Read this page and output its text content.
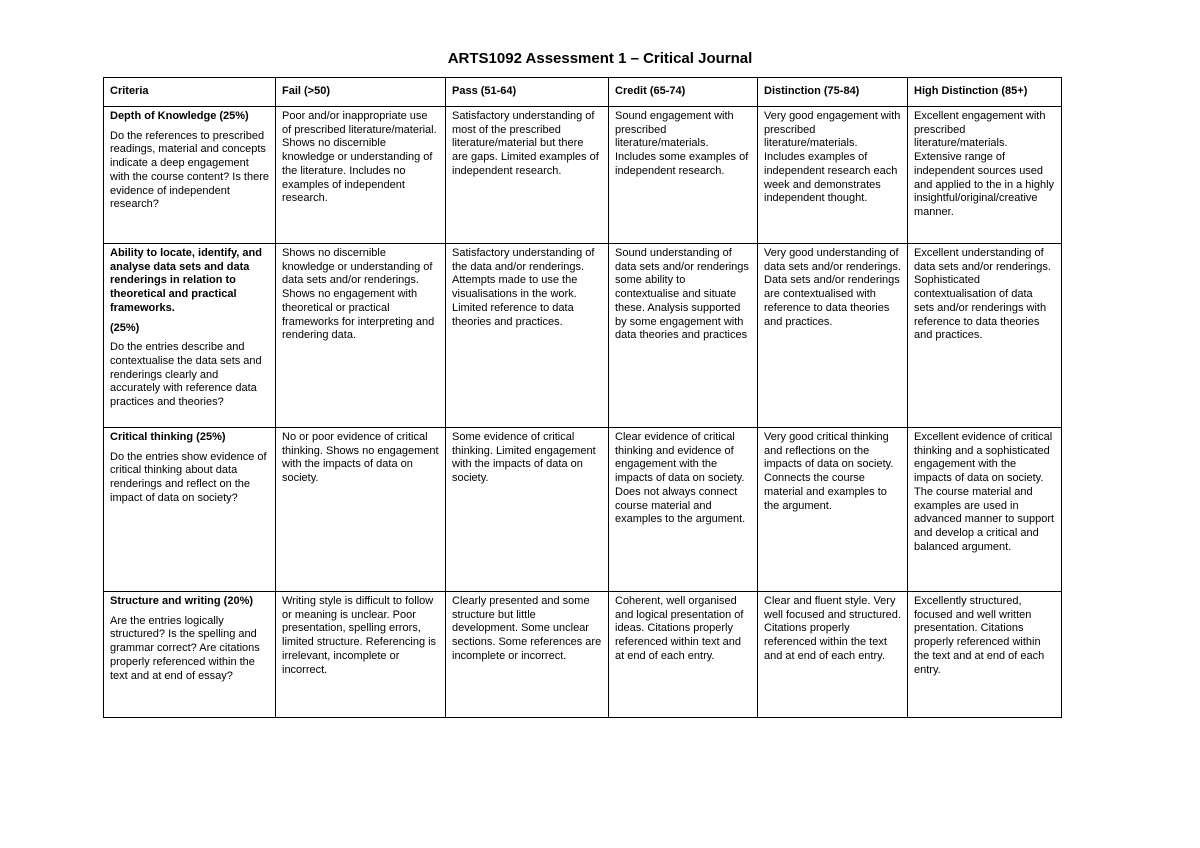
ARTS1092 Assessment 1 – Critical Journal
Criteria	Fail (>50)	Pass (51-64)	Credit (65-74)	Distinction (75-84)	High Distinction (85+)

Depth of Knowledge (25%)

Do the references to prescribed readings, material and concepts indicate a deep engagement with the course content? Is there evidence of independent research?	Poor and/or inappropriate use of prescribed literature/material. Shows no discernible knowledge or understanding of the literature. Includes no examples of independent research.	Satisfactory understanding of most of the prescribed literature/material but there are gaps. Limited examples of independent research.	Sound engagement with prescribed literature/materials. Includes some examples of independent research.	Very good engagement with prescribed literature/materials. Includes examples of independent research each week and demonstrates independent thought.	Excellent engagement with prescribed literature/materials. Extensive range of independent sources used and applied to the in a highly insightful/original/creative manner.

Ability to locate, identify, and analyse data sets and data renderings in relation to theoretical and practical frameworks.

(25%)

Do the entries describe and contextualise the data sets and renderings clearly and accurately with reference data practices and theories?	Shows no discernible knowledge or understanding of data sets and/or renderings. Shows no engagement with theoretical or practical frameworks for interpreting and rendering data.	Satisfactory understanding of the data and/or renderings. Attempts made to use the visualisations in the work. Limited reference to data theories and practices.	Sound understanding of data sets and/or renderings some ability to contextualise and situate these. Analysis supported by some engagement with data theories and practices	Very good understanding of data sets and/or renderings. Data sets and/or renderings are contextualised with reference to data theories and practices.	Excellent understanding of data sets and/or renderings. Sophisticated contextualisation of data sets and/or renderings with reference to data theories and practices.

Critical thinking (25%)

Do the entries show evidence of critical thinking about data renderings and reflect on the impact of data on society?	No or poor evidence of critical thinking. Shows no engagement with the impacts of data on society.	Some evidence of critical thinking. Limited engagement with the impacts of data on society.	Clear evidence of critical thinking and evidence of engagement with the impacts of data on society. Does not always connect course material and examples to the argument.	Very good critical thinking and reflections on the impacts of data on society. Connects the course material and examples to the argument.	Excellent evidence of critical thinking and a sophisticated engagement with the impacts of data on society. The course material and examples are used in advanced manner to support and develop a critical and balanced argument.

Structure and writing (20%)

Are the entries logically structured? Is the spelling and grammar correct? Are citations properly referenced within the text and at end of essay?	Writing style is difficult to follow or meaning is unclear. Poor presentation, spelling errors, limited structure. Referencing is irrelevant, incomplete or incorrect.	Clearly presented and some structure but little development. Some unclear sections. Some references are incomplete or incorrect.	Coherent, well organised and logical presentation of ideas. Citations properly referenced within text and at end of each entry.	Clear and fluent style. Very well focused and structured. Citations properly referenced within the text and at end of each entry.	Excellently structured, focused and well written presentation. Citations properly referenced within the text and at end of each entry.
